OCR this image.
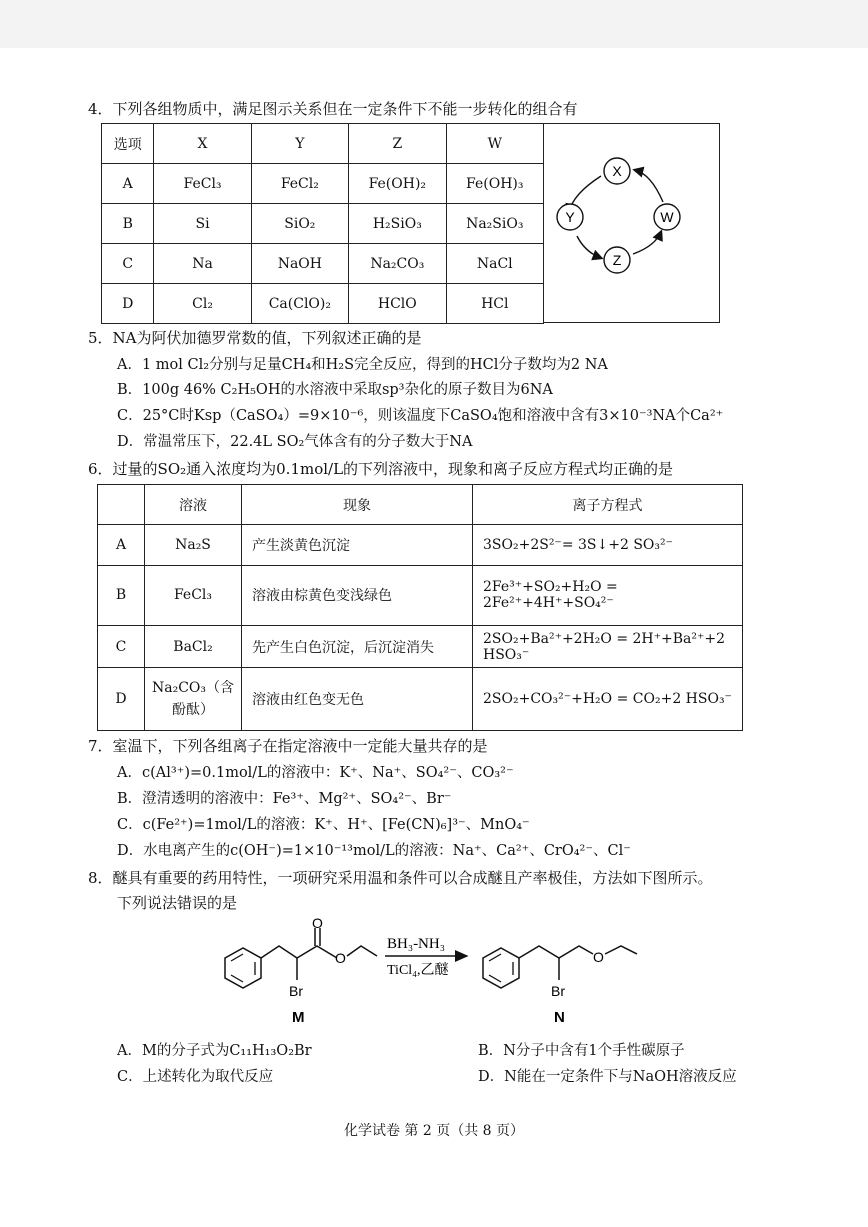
4．下列各组物质中，满足图示关系但在一定条件下不能一步转化的组合有
选项	X	Y	Z	W
A	FeCl₃	FeCl₂	Fe(OH)₂	Fe(OH)₃
B	Si	SiO₂	H₂SiO₃	Na₂SiO₃
C	Na	NaOH	Na₂CO₃	NaCl
D	Cl₂	Ca(ClO)₂	HClO	HCl
X
Y	W
Z
5．NA为阿伏加德罗常数的值，下列叙述正确的是
A．1 mol Cl₂分别与足量CH₄和H₂S完全反应，得到的HCl分子数均为2 NA
B．100g 46% C₂H₅OH的水溶液中采取sp³杂化的原子数目为6NA
C．25°C时Ksp（CaSO₄）=9×10⁻⁶，则该温度下CaSO₄饱和溶液中含有3×10⁻³NA个Ca²⁺
D．常温常压下，22.4L SO₂气体含有的分子数大于NA
6．过量的SO₂通入浓度均为0.1mol/L的下列溶液中，现象和离子反应方程式均正确的是
	溶液	现象	离子方程式
A	Na₂S	产生淡黄色沉淀	3SO₂+2S²⁻= 3S↓+2 SO₃²⁻
B	FeCl₃	溶液由棕黄色变浅绿色	2Fe³⁺+SO₂+H₂O = 2Fe²⁺+4H⁺+SO₄²⁻
C	BaCl₂	先产生白色沉淀，后沉淀消失	2SO₂+Ba²⁺+2H₂O = 2H⁺+Ba²⁺+2 HSO₃⁻
D	Na₂CO₃（含酚酞）	溶液由红色变无色	2SO₂+CO₃²⁻+H₂O = CO₂+2 HSO₃⁻
7．室温下，下列各组离子在指定溶液中一定能大量共存的是
A．c(Al³⁺)=0.1mol/L的溶液中：K⁺、Na⁺、SO₄²⁻、CO₃²⁻
B．澄清透明的溶液中：Fe³⁺、Mg²⁺、SO₄²⁻、Br⁻
C．c(Fe²⁺)=1mol/L的溶液：K⁺、H⁺、[Fe(CN)₆]³⁻、MnO₄⁻
D．水电离产生的c(OH⁻)=1×10⁻¹³mol/L的溶液：Na⁺、Ca²⁺、CrO₄²⁻、Cl⁻
8．醚具有重要的药用特性，一项研究采用温和条件可以合成醚且产率极佳，方法如下图所示。
下列说法错误的是
O
O
Br
M
BH₃-NH₃
TiCl₄,乙醚
O
Br
N
A．M的分子式为C₁₁H₁₃O₂Br	B．N分子中含有1个手性碳原子
C．上述转化为取代反应	D．N能在一定条件下与NaOH溶液反应
化学试卷 第 2 页（共 8 页）
